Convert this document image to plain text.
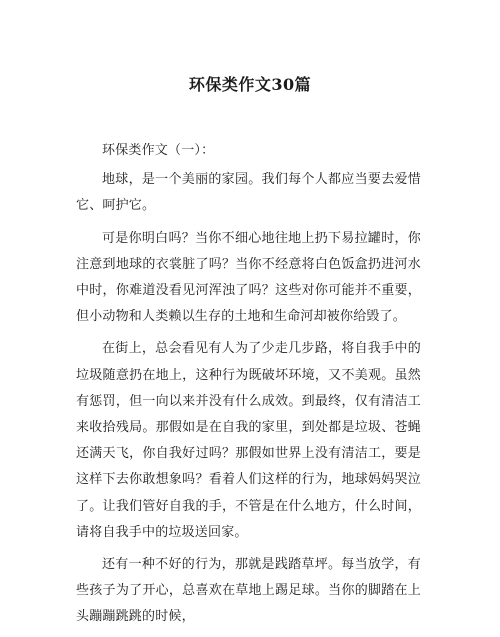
环保类作文30篇

环保类作文（一）：

地球，是一个美丽的家园。我们每个人都应当要去爱惜它、呵护它。

可是你明白吗？当你不细心地往地上扔下易拉罐时，你注意到地球的衣裳脏了吗？当你不经意将白色饭盒扔进河水中时，你难道没看见河浑浊了吗？这些对你可能并不重要，但小动物和人类赖以生存的土地和生命河却被你给毁了。

在街上，总会看见有人为了少走几步路，将自我手中的垃圾随意扔在地上，这种行为既破坏环境，又不美观。虽然有惩罚，但一向以来并没有什么成效。到最终，仅有清洁工来收拾残局。那假如是在自我的家里，到处都是垃圾、苍蝇还满天飞，你自我好过吗？那假如世界上没有清洁工，要是这样下去你敢想象吗？看着人们这样的行为，地球妈妈哭泣了。让我们管好自我的手，不管是在什么地方，什么时间，请将自我手中的垃圾送回家。

还有一种不好的行为，那就是践踏草坪。每当放学，有些孩子为了开心，总喜欢在草地上踢足球。当你的脚踏在上头蹦蹦跳跳的时候，
